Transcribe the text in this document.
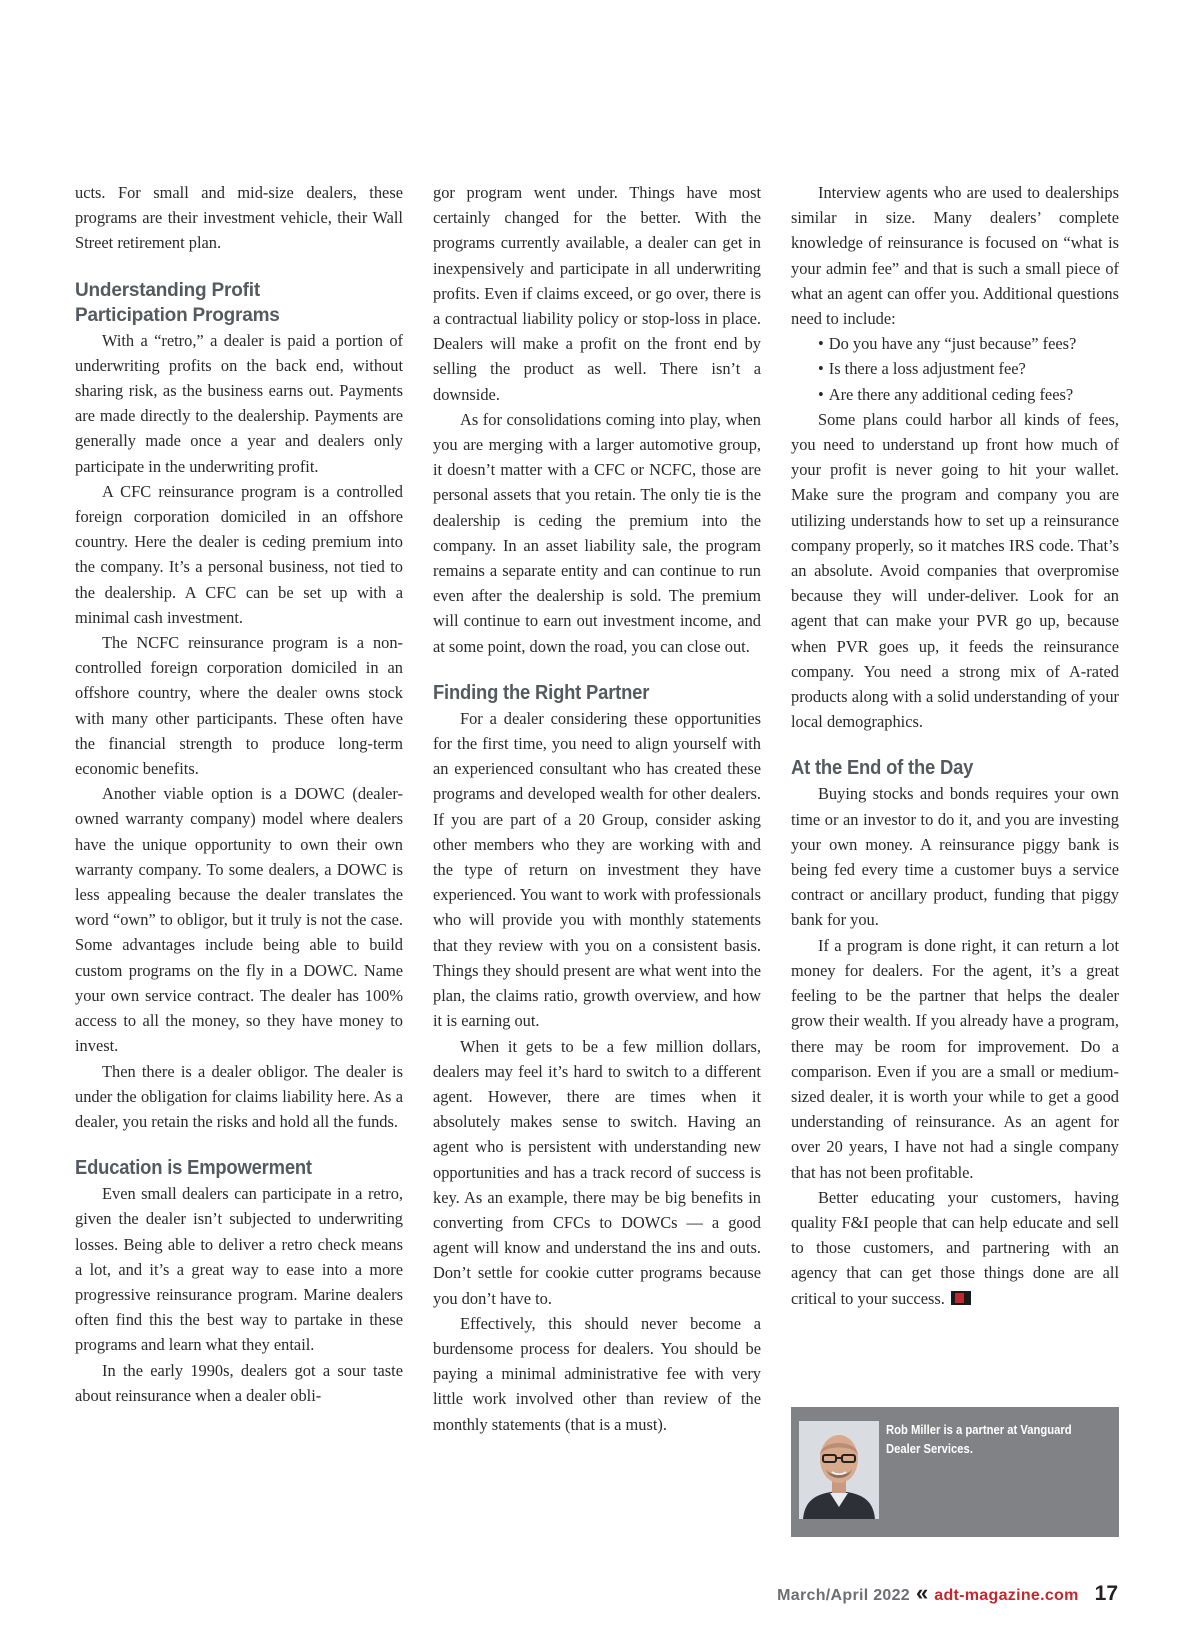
ucts. For small and mid-size dealers, these programs are their investment vehicle, their Wall Street retirement plan.

Understanding Profit Participation Programs

With a “retro,” a dealer is paid a portion of underwriting profits on the back end, without sharing risk, as the business earns out. Payments are made directly to the dealership. Payments are generally made once a year and dealers only participate in the underwriting profit.

A CFC reinsurance program is a controlled foreign corporation domiciled in an offshore country. Here the dealer is ceding premium into the company. It’s a personal business, not tied to the dealership. A CFC can be set up with a minimal cash investment.

The NCFC reinsurance program is a non-controlled foreign corporation domiciled in an offshore country, where the dealer owns stock with many other participants. These often have the financial strength to produce long-term economic benefits.

Another viable option is a DOWC (dealer-owned warranty company) model where dealers have the unique opportunity to own their own warranty company. To some dealers, a DOWC is less appealing because the dealer translates the word “own” to obligor, but it truly is not the case. Some advantages include being able to build custom programs on the fly in a DOWC. Name your own service contract. The dealer has 100% access to all the money, so they have money to invest.

Then there is a dealer obligor. The dealer is under the obligation for claims liability here. As a dealer, you retain the risks and hold all the funds.

Education is Empowerment

Even small dealers can participate in a retro, given the dealer isn’t subjected to underwriting losses. Being able to deliver a retro check means a lot, and it’s a great way to ease into a more progressive reinsurance program. Marine dealers often find this the best way to partake in these programs and learn what they entail.

In the early 1990s, dealers got a sour taste about reinsurance when a dealer obli-

gor program went under. Things have most certainly changed for the better. With the programs currently available, a dealer can get in inexpensively and participate in all underwriting profits. Even if claims exceed, or go over, there is a contractual liability policy or stop-loss in place. Dealers will make a profit on the front end by selling the product as well. There isn’t a downside.

As for consolidations coming into play, when you are merging with a larger automotive group, it doesn’t matter with a CFC or NCFC, those are personal assets that you retain. The only tie is the dealership is ceding the premium into the company. In an asset liability sale, the program remains a separate entity and can continue to run even after the dealership is sold. The premium will continue to earn out investment income, and at some point, down the road, you can close out.

Finding the Right Partner

For a dealer considering these opportunities for the first time, you need to align yourself with an experienced consultant who has created these programs and developed wealth for other dealers. If you are part of a 20 Group, consider asking other members who they are working with and the type of return on investment they have experienced. You want to work with professionals who will provide you with monthly statements that they review with you on a consistent basis. Things they should present are what went into the plan, the claims ratio, growth overview, and how it is earning out.

When it gets to be a few million dollars, dealers may feel it’s hard to switch to a different agent. However, there are times when it absolutely makes sense to switch. Having an agent who is persistent with understanding new opportunities and has a track record of success is key. As an example, there may be big benefits in converting from CFCs to DOWCs — a good agent will know and understand the ins and outs. Don’t settle for cookie cutter programs because you don’t have to.

Effectively, this should never become a burdensome process for dealers. You should be paying a minimal administrative fee with very little work involved other than review of the monthly statements (that is a must).

Interview agents who are used to dealerships similar in size. Many dealers’ complete knowledge of reinsurance is focused on “what is your admin fee” and that is such a small piece of what an agent can offer you. Additional questions need to include:

• Do you have any “just because” fees?
• Is there a loss adjustment fee?
• Are there any additional ceding fees?

Some plans could harbor all kinds of fees, you need to understand up front how much of your profit is never going to hit your wallet. Make sure the program and company you are utilizing understands how to set up a reinsurance company properly, so it matches IRS code. That’s an absolute. Avoid companies that overpromise because they will under-deliver. Look for an agent that can make your PVR go up, because when PVR goes up, it feeds the reinsurance company. You need a strong mix of A-rated products along with a solid understanding of your local demographics.

At the End of the Day

Buying stocks and bonds requires your own time or an investor to do it, and you are investing your own money. A reinsurance piggy bank is being fed every time a customer buys a service contract or ancillary product, funding that piggy bank for you.

If a program is done right, it can return a lot money for dealers. For the agent, it’s a great feeling to be the partner that helps the dealer grow their wealth. If you already have a program, there may be room for improvement. Do a comparison. Even if you are a small or medium-sized dealer, it is worth your while to get a good understanding of reinsurance. As an agent for over 20 years, I have not had a single company that has not been profitable.

Better educating your customers, having quality F&I people that can help educate and sell to those customers, and partnering with an agency that can get those things done are all critical to your success.

Rob Miller is a partner at Vanguard Dealer Services.
March/April 2022 « adt-magazine.com 17
